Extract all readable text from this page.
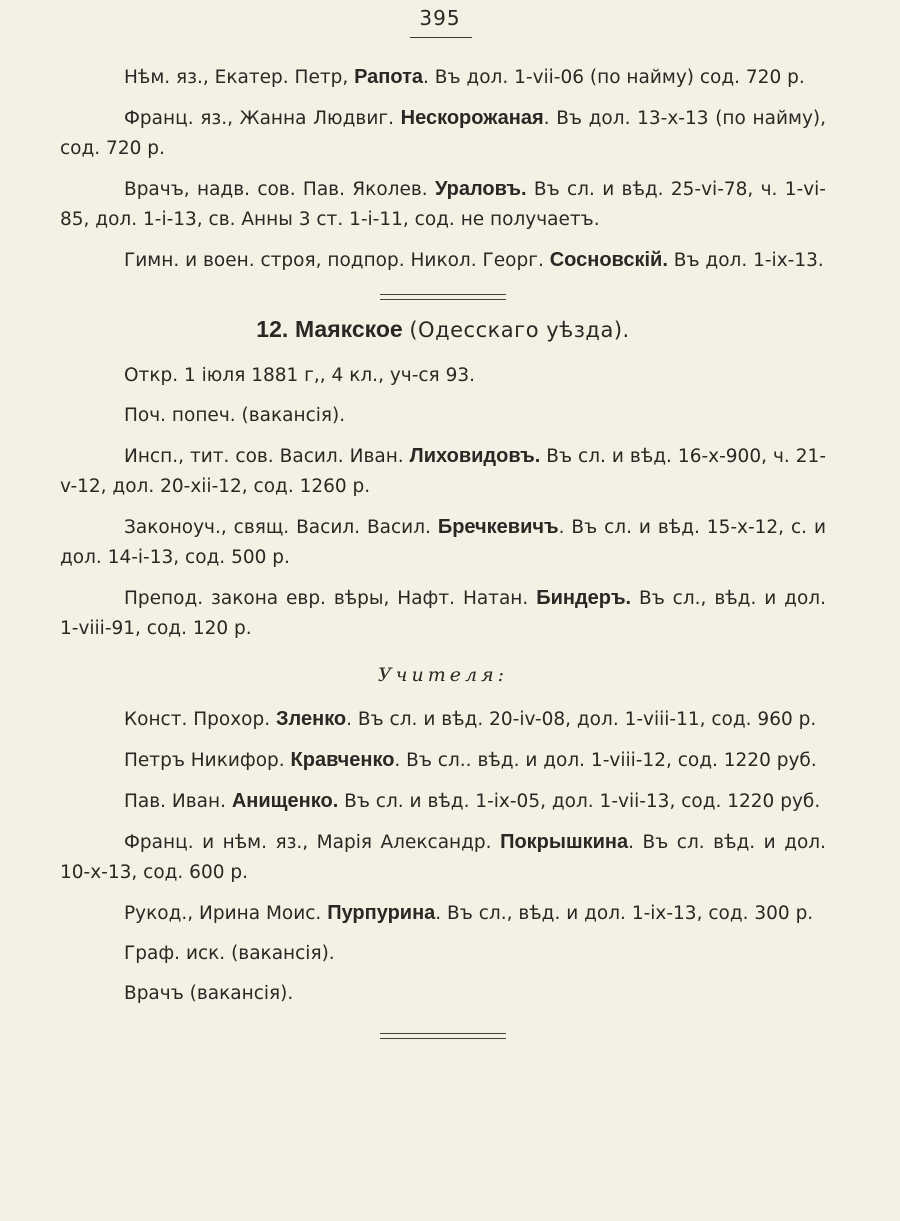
395

Нѣм. яз., Екатер. Петр, Рапота. Въ дол. 1-vii-06 (по найму) сод. 720 р.

Франц. яз., Жанна Людвиг. Нескорожаная. Въ дол. 13-x-13 (по найму), сод. 720 р.

Врачъ, надв. сов. Пав. Яколев. Ураловъ. Въ сл. и вѣд. 25-vi-78, ч. 1-vi-85, дол. 1-i-13, св. Анны 3 ст. 1-i-11, сод. не получаетъ.

Гимн. и воен. строя, подпор. Никол. Георг. Сосновскій. Въ дол. 1-ix-13.

12. Маякское (Одесскаго уѣзда).

Откр. 1 іюля 1881 г,, 4 кл., уч-ся 93.

Поч. попеч. (вакансія).

Инсп., тит. сов. Васил. Иван. Лиховидовъ. Въ сл. и вѣд. 16-x-900, ч. 21-v-12, дол. 20-xii-12, сод. 1260 р.

Законоуч., свящ. Васил. Васил. Бречкевичъ. Въ сл. и вѣд. 15-x-12, с. и дол. 14-i-13, сод. 500 р.

Препод. закона евр. вѣры, Нафт. Натан. Биндеръ. Въ сл., вѣд. и дол. 1-viii-91, сод. 120 р.

Учителя:

Конст. Прохор. Зленко. Въ сл. и вѣд. 20-iv-08, дол. 1-viii-11, сод. 960 р.

Петръ Никифор. Кравченко. Въ сл.. вѣд. и дол. 1-viii-12, сод. 1220 руб.

Пав. Иван. Анищенко. Въ сл. и вѣд. 1-ix-05, дол. 1-vii-13, сод. 1220 руб.

Франц. и нѣм. яз., Марія Александр. Покрышкина. Въ сл. вѣд. и дол. 10-x-13, сод. 600 р.

Рукод., Ирина Моис. Пурпурина. Въ сл., вѣд. и дол. 1-ix-13, сод. 300 р.

Граф. иск. (вакансія).

Врачъ (вакансія).
